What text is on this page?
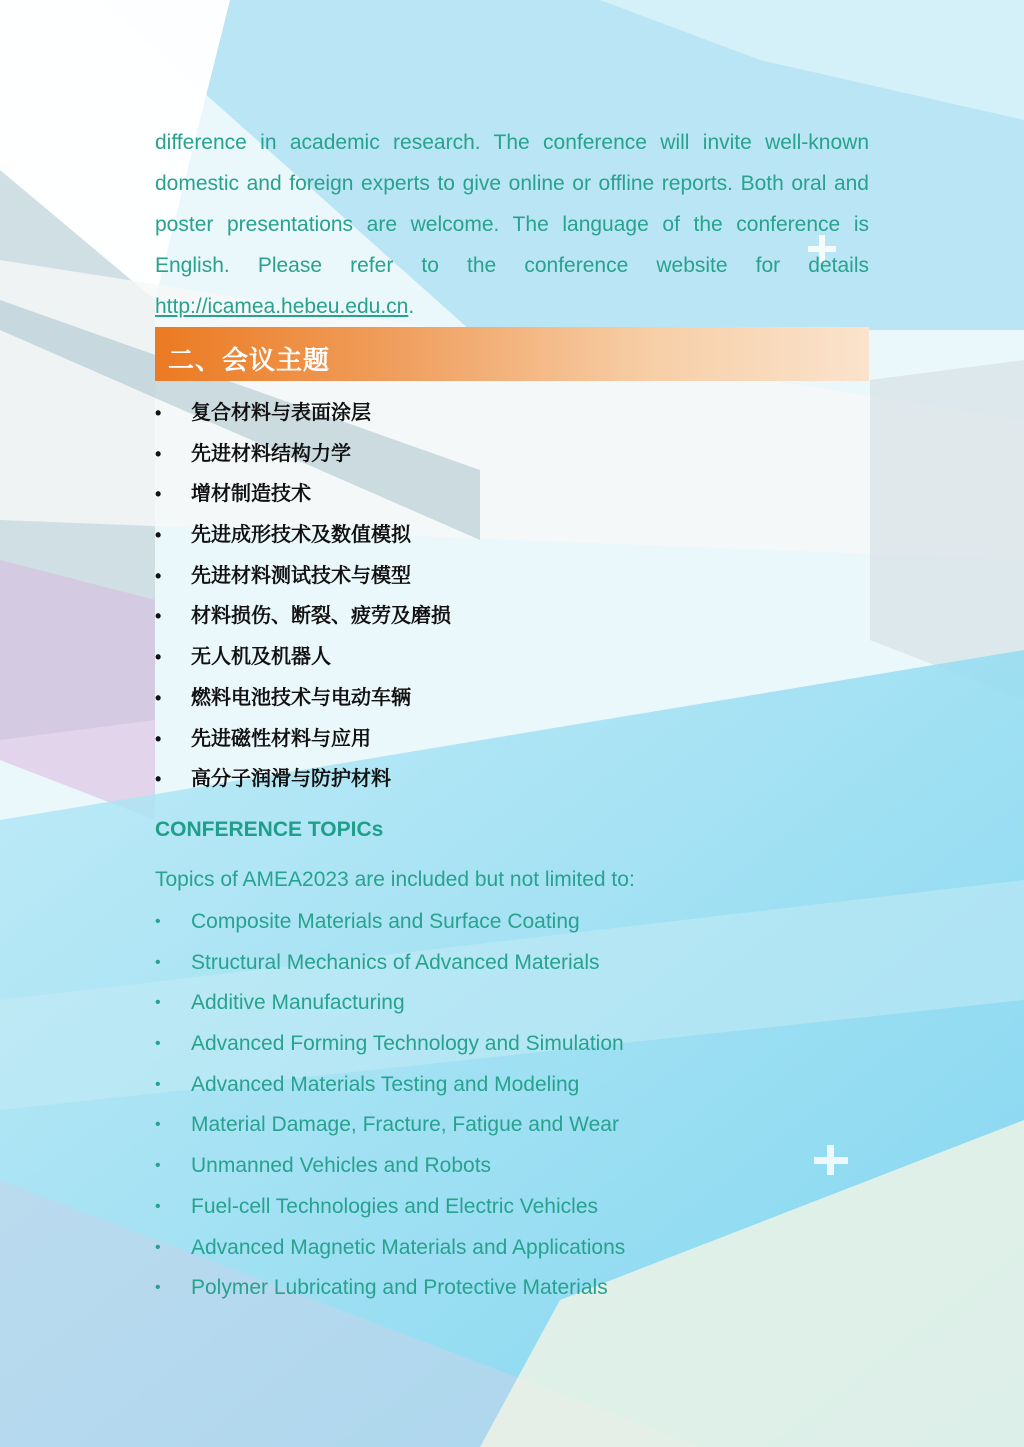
difference in academic research. The conference will invite well-known domestic and foreign experts to give online or offline reports. Both oral and poster presentations are welcome. The language of the conference is English. Please refer to the conference website for details http://icamea.hebeu.edu.cn.

二、会议主题
• 复合材料与表面涂层
• 先进材料结构力学
• 增材制造技术
• 先进成形技术及数值模拟
• 先进材料测试技术与模型
• 材料损伤、断裂、疲劳及磨损
• 无人机及机器人
• 燃料电池技术与电动车辆
• 先进磁性材料与应用
• 高分子润滑与防护材料
CONFERENCE TOPICs
Topics of AMEA2023 are included but not limited to:
• Composite Materials and Surface Coating
• Structural Mechanics of Advanced Materials
• Additive Manufacturing
• Advanced Forming Technology and Simulation
• Advanced Materials Testing and Modeling
• Material Damage, Fracture, Fatigue and Wear
• Unmanned Vehicles and Robots
• Fuel-cell Technologies and Electric Vehicles
• Advanced Magnetic Materials and Applications
• Polymer Lubricating and Protective Materials
